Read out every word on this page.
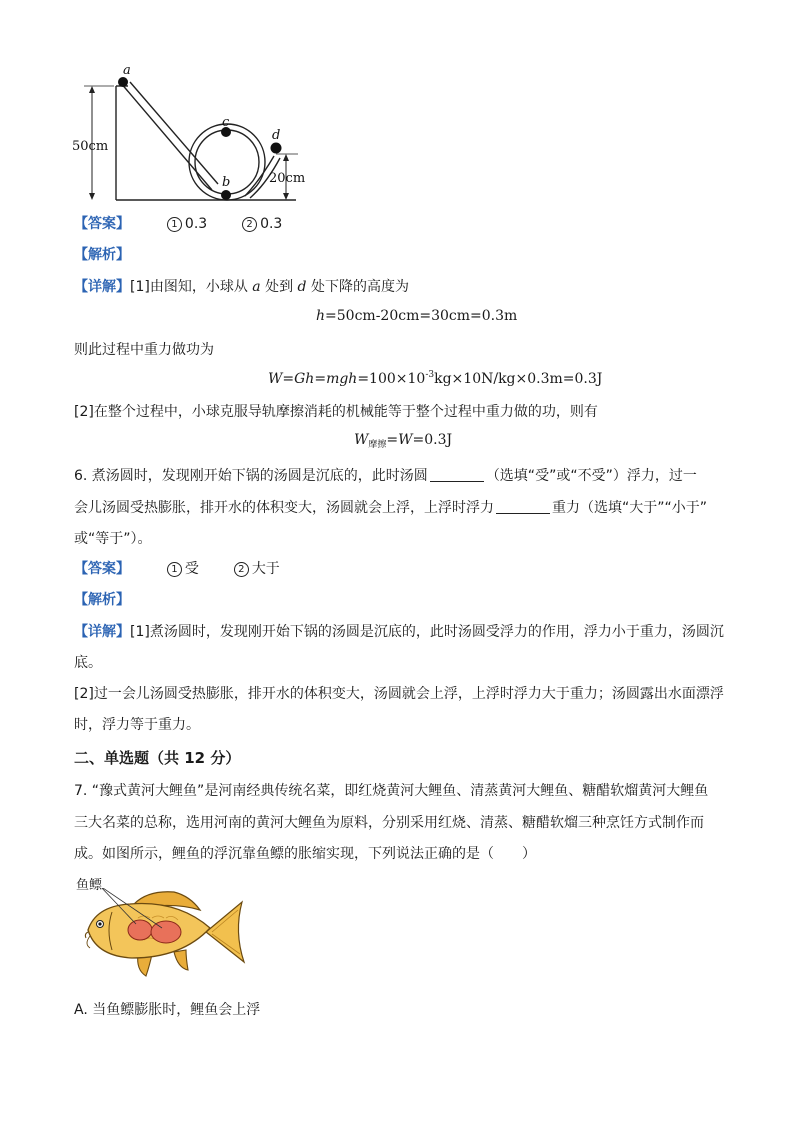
a
c
b
d
50cm
20cm
【答案】	1 0.3	2 0.3
【解析】
【详解】[1]由图知，小球从 a 处到 d 处下降的高度为
h=50cm-20cm=30cm=0.3m
则此过程中重力做功为
$W=Gh=mgh=100\times 10^{-3}kg\times 10N/kg\times 0.3m=0.3J$
[2]在整个过程中，小球克服导轨摩擦消耗的机械能等于整个过程中重力做的功，则有
$W_{摩擦}=W=0.3J$
6. 煮汤圆时，发现刚开始下锅的汤圆是沉底的，此时汤圆	（选填“受”或“不受”）浮力，过一
会儿汤圆受热膨胀，排开水的体积变大，汤圆就会上浮，上浮时浮力	重力（选填“大于”“小于”
或“等于”）。
【答案】	1 受	2 大于
【解析】
【详解】[1]煮汤圆时，发现刚开始下锅的汤圆是沉底的，此时汤圆受浮力的作用，浮力小于重力，汤圆沉
底。
[2]过一会儿汤圆受热膨胀，排开水的体积变大，汤圆就会上浮，上浮时浮力大于重力；汤圆露出水面漂浮
时，浮力等于重力。
二、单选题（共 12 分）
7. “豫式黄河大鲤鱼”是河南经典传统名菜，即红烧黄河大鲤鱼、清蒸黄河大鲤鱼、糖醋软熘黄河大鲤鱼
三大名菜的总称，选用河南的黄河大鲤鱼为原料，分别采用红烧、清蒸、糖醋软熘三种烹饪方式制作而
成。如图所示，鲤鱼的浮沉靠鱼鳔的胀缩实现，下列说法正确的是（　　）
鱼鳔
A. 当鱼鳔膨胀时，鲤鱼会上浮
